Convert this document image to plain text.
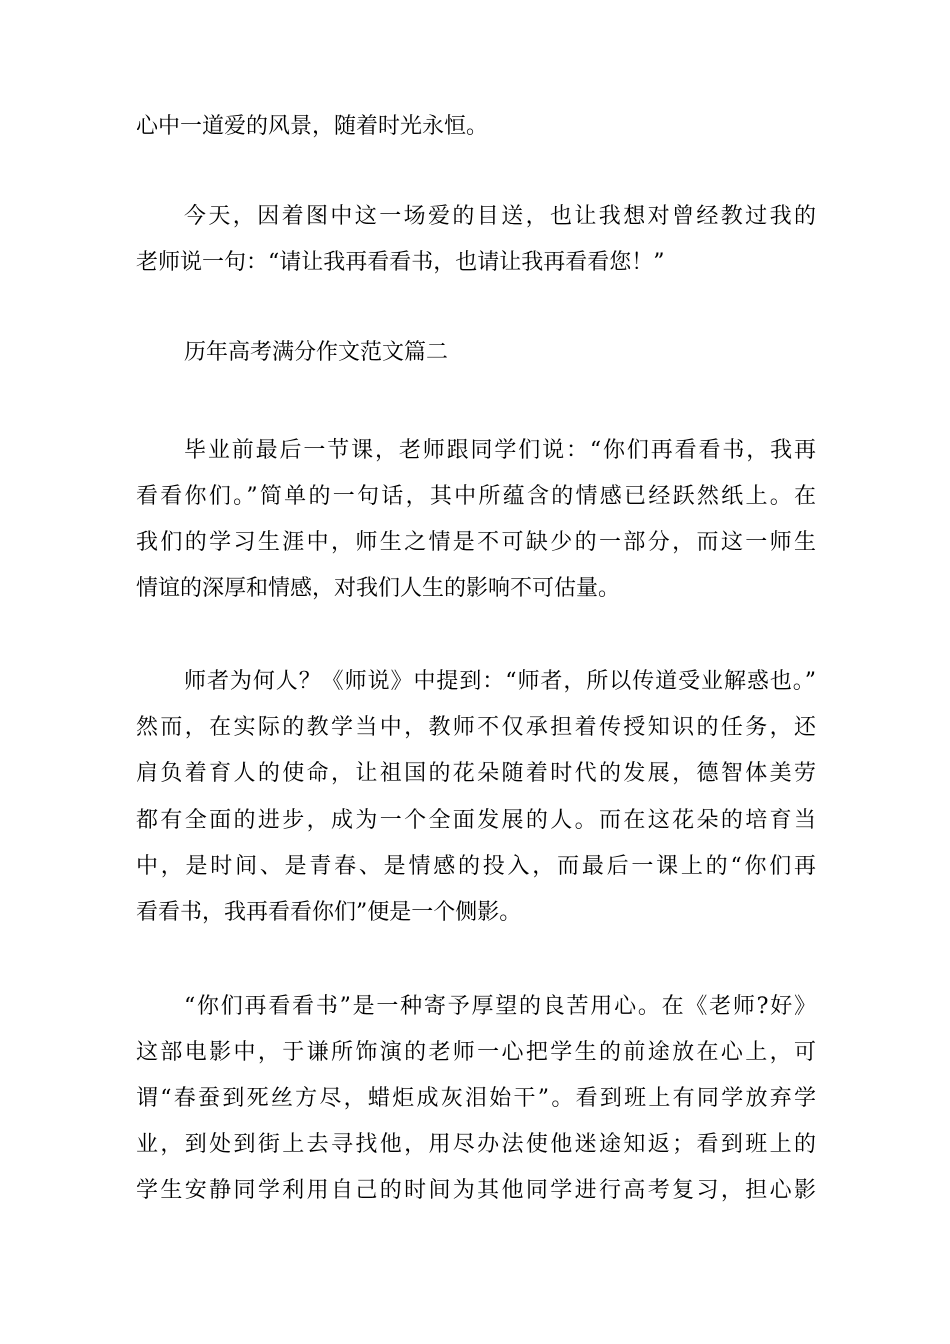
心中一道爱的风景，随着时光永恒。
今天，因着图中这一场爱的目送，也让我想对曾经教过我的
老师说一句：“请让我再看看书，也请让我再看看您！”
历年高考满分作文范文篇二
毕业前最后一节课，老师跟同学们说：“你们再看看书，我再
看看你们。”简单的一句话，其中所蕴含的情感已经跃然纸上。在
我们的学习生涯中，师生之情是不可缺少的一部分，而这一师生
情谊的深厚和情感，对我们人生的影响不可估量。
师者为何人？《师说》中提到：“师者，所以传道受业解惑也。”
然而，在实际的教学当中，教师不仅承担着传授知识的任务，还
肩负着育人的使命，让祖国的花朵随着时代的发展，德智体美劳
都有全面的进步，成为一个全面发展的人。而在这花朵的培育当
中，是时间、是青春、是情感的投入，而最后一课上的“你们再
看看书，我再看看你们”便是一个侧影。
“你们再看看书”是一种寄予厚望的良苦用心。在《老师?好》
这部电影中，于谦所饰演的老师一心把学生的前途放在心上，可
谓“春蚕到死丝方尽，蜡炬成灰泪始干”。看到班上有同学放弃学
业，到处到街上去寻找他，用尽办法使他迷途知返；看到班上的
学生安静同学利用自己的时间为其他同学进行高考复习，担心影
